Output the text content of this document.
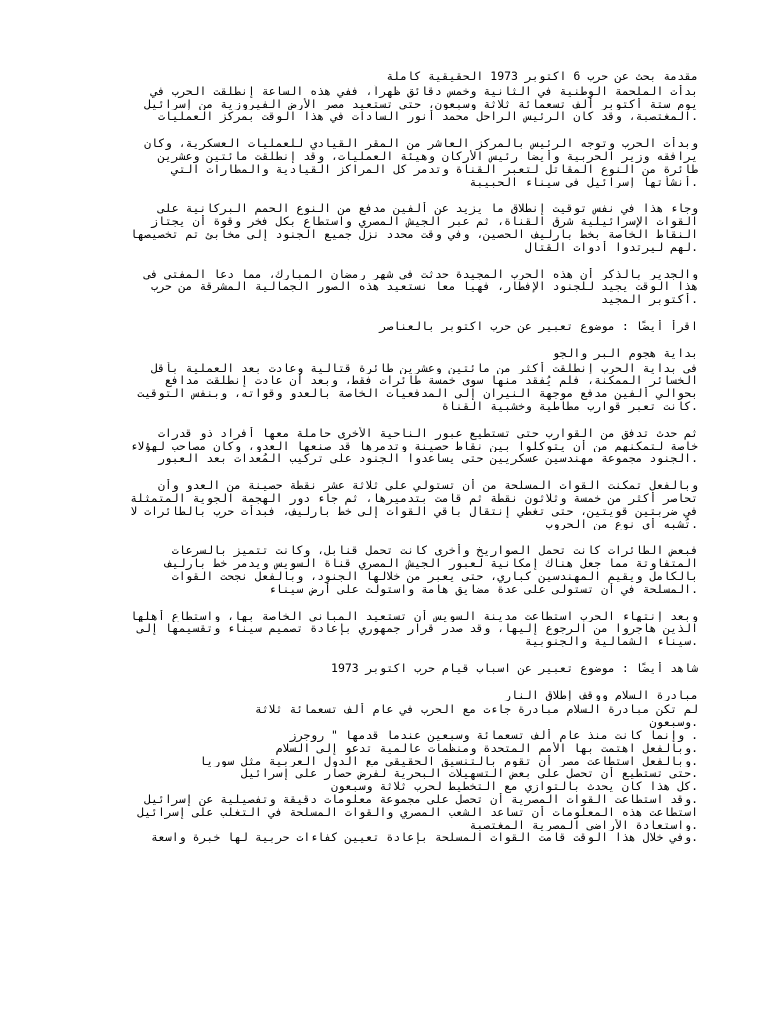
مقدمة بحث عن حرب 6 اكتوبر 1973 الحقيقية كاملة
بدأت الملحمة الوطنية في الثانية وخمس دقائق ظهراً، ففي هذه الساعة إنطلقت الحرب في
يوم ستة أكتوبر ألف تسعمائة ثلاثة وسبعون، حتى تستعيد مصر الأرض الفيروزية من إسرائيل
.المغتصبة، وقد كان الرئيس الراحل محمد أنور السادات في هذا الوقت بمركز العمليات
وبدأت الحرب وتوجه الرئيس بالمركز العاشر من المقر القيادي للعمليات العسكرية، وكان
يرافقه وزير الحربية وأيضاً رئيس الأركان وهيئة العمليات، وقد إنطلقت مائتين وعشرين
طائرة من النوع المقاتل لتعبر القناة وتدمر كل المراكز القيادية والمطارات التي
.أنشأتها إسرائيل في سيناء الحبيبة
وجاء هذا في نفس توقيت إنطلاق ما يزيد عن ألفين مدفع من النوع الحمم البركانية على
القوات الإسرائيلية شرق القناة، ثم عبر الجيش المصري واستطاع بكل فخر وقوة أن يجتاز
النقاط الخاصة بخط بارليف الحصين، وفي وقت محدد نزل جميع الجنود إلى مخابئ تم تخصيصها
.لهم ليرتدوا أدوات القتال
والجدير بالذكر أن هذه الحرب المجيدة حدثت في شهر رمضان المبارك، مما دعا المفتي في
هذا الوقت يجيد للجنود الإفطار، فهيا معاً نستعيد هذه الصور الجمالية المشرقة من حرب
.أكتوبر المجيد
اقرأ أيضًا : موضوع تعبير عن حرب اكتوبر بالعناصر
بداية هجوم البر والجو
في بداية الحرب إنطلقت أكثر من مائتين وعشرين طائرة قتالية وعادت بعد العملية بأقل
الخسائر الممكنة، فلم يُفقد منها سوى خمسة طائرات فقط، وبعد أن عادت إنطلقت مدافع
بحوالي ألفين مدفع موجهة النيران إلى المدفعيات الخاصة بالعدو وقواته، وبنفس التوقيت
.كانت تعبر قوارب مطاطية وخشبية القناة
ثم حدث تدفق من القوارب حتى تستطيع عبور الناحية الأخرى حاملة معها أفراد ذو قدرات
خاصة لتمكنهم من أن يتوكلوا بين نقاط حصينة وتدمرها قد صنعها العدو، وكان مصاحب لهؤلاء
.الجنود مجموعة مهندسين عسكريين حتى يساعدوا الجنود على تركيب المُعدات بعد العبور
وبالفعل تمكنت القوات المسلحة من أن تستولي على ثلاثة عشر نقطة حصينة من العدو وأن
تحاصر أكثر من خمسة وثلاثون نقطة ثم قامت بتدميرها، ثم جاء دور الهجمة الجوية المتمثلة
في ضربتين قويتين، حتى تغطي إنتقال باقي القوات إلى خط بارليف، فبدأت حرب بالطائرات لا
.تُشبه أي نوع من الحروب
فبعض الطائرات كانت تحمل الصواريخ وأخرى كانت تحمل قنابل، وكانت تتميز بالسرعات
المتفاوتة مما جعل هناك إمكانية لعبور الجيش المصري قناة السويس ويدمر خط بارليف
بالكامل ويقيم المهندسين كباري، حتى يعبر من خلالها الجنود، وبالفعل نجحت القوات
.المسلحة في أن تستولى على عدة مضايق هامة واستولت على أرض سيناء
وبعد إنتهاء الحرب استطاعت مدينة السويس أن تستعيد المباني الخاصة بها، واستطاع أهلها
الذين هاجروا من الرجوع إليها، وقد صدر قرار جمهوري بإعادة تصميم سيناء وتقسيمها إلى
.سيناء الشمالية والجنوبية
شاهد أيضًا : موضوع تعبير عن اسباب قيام حرب اكتوبر 1973
مبادرة السلام ووقف إطلاق النار
لم تكن مبادرة السلام مبادرة جاءت مع الحرب في عام ألف تسعمائة ثلاثة
.وسبعون
. وإنما كانت منذ عام ألف تسعمائة وسبعين عندما قدمها " روجرز
.وبالفعل اهتمت بها الأمم المتحدة ومنظمات عالمية تدعو إلى السلام
.وبالفعل استطاعت مصر أن تقوم بالتنسيق الحقيقي مع الدول العربية مثل سوريا
.حتى تستطيع أن تحصل على بعض التسهيلات البحرية لفرض حصار على إسرائيل
.كل هذا كان يحدث بالتوازي مع التخطيط لحرب ثلاثة وسبعون
.وقد استطاعت القوات المصرية أن تحصل على مجموعة معلومات دقيقة وتفصيلية عن إسرائيل
استطاعت هذه المعلومات أن تساعد الشعب المصري والقوات المسلحة في التغلب على إسرائيل
.واستعادة الأراضي المصرية المغتصبة
.وفي خلال هذا الوقت قامت القوات المسلحة بإعادة تعيين كفاءات حربية لها خبرة واسعة
